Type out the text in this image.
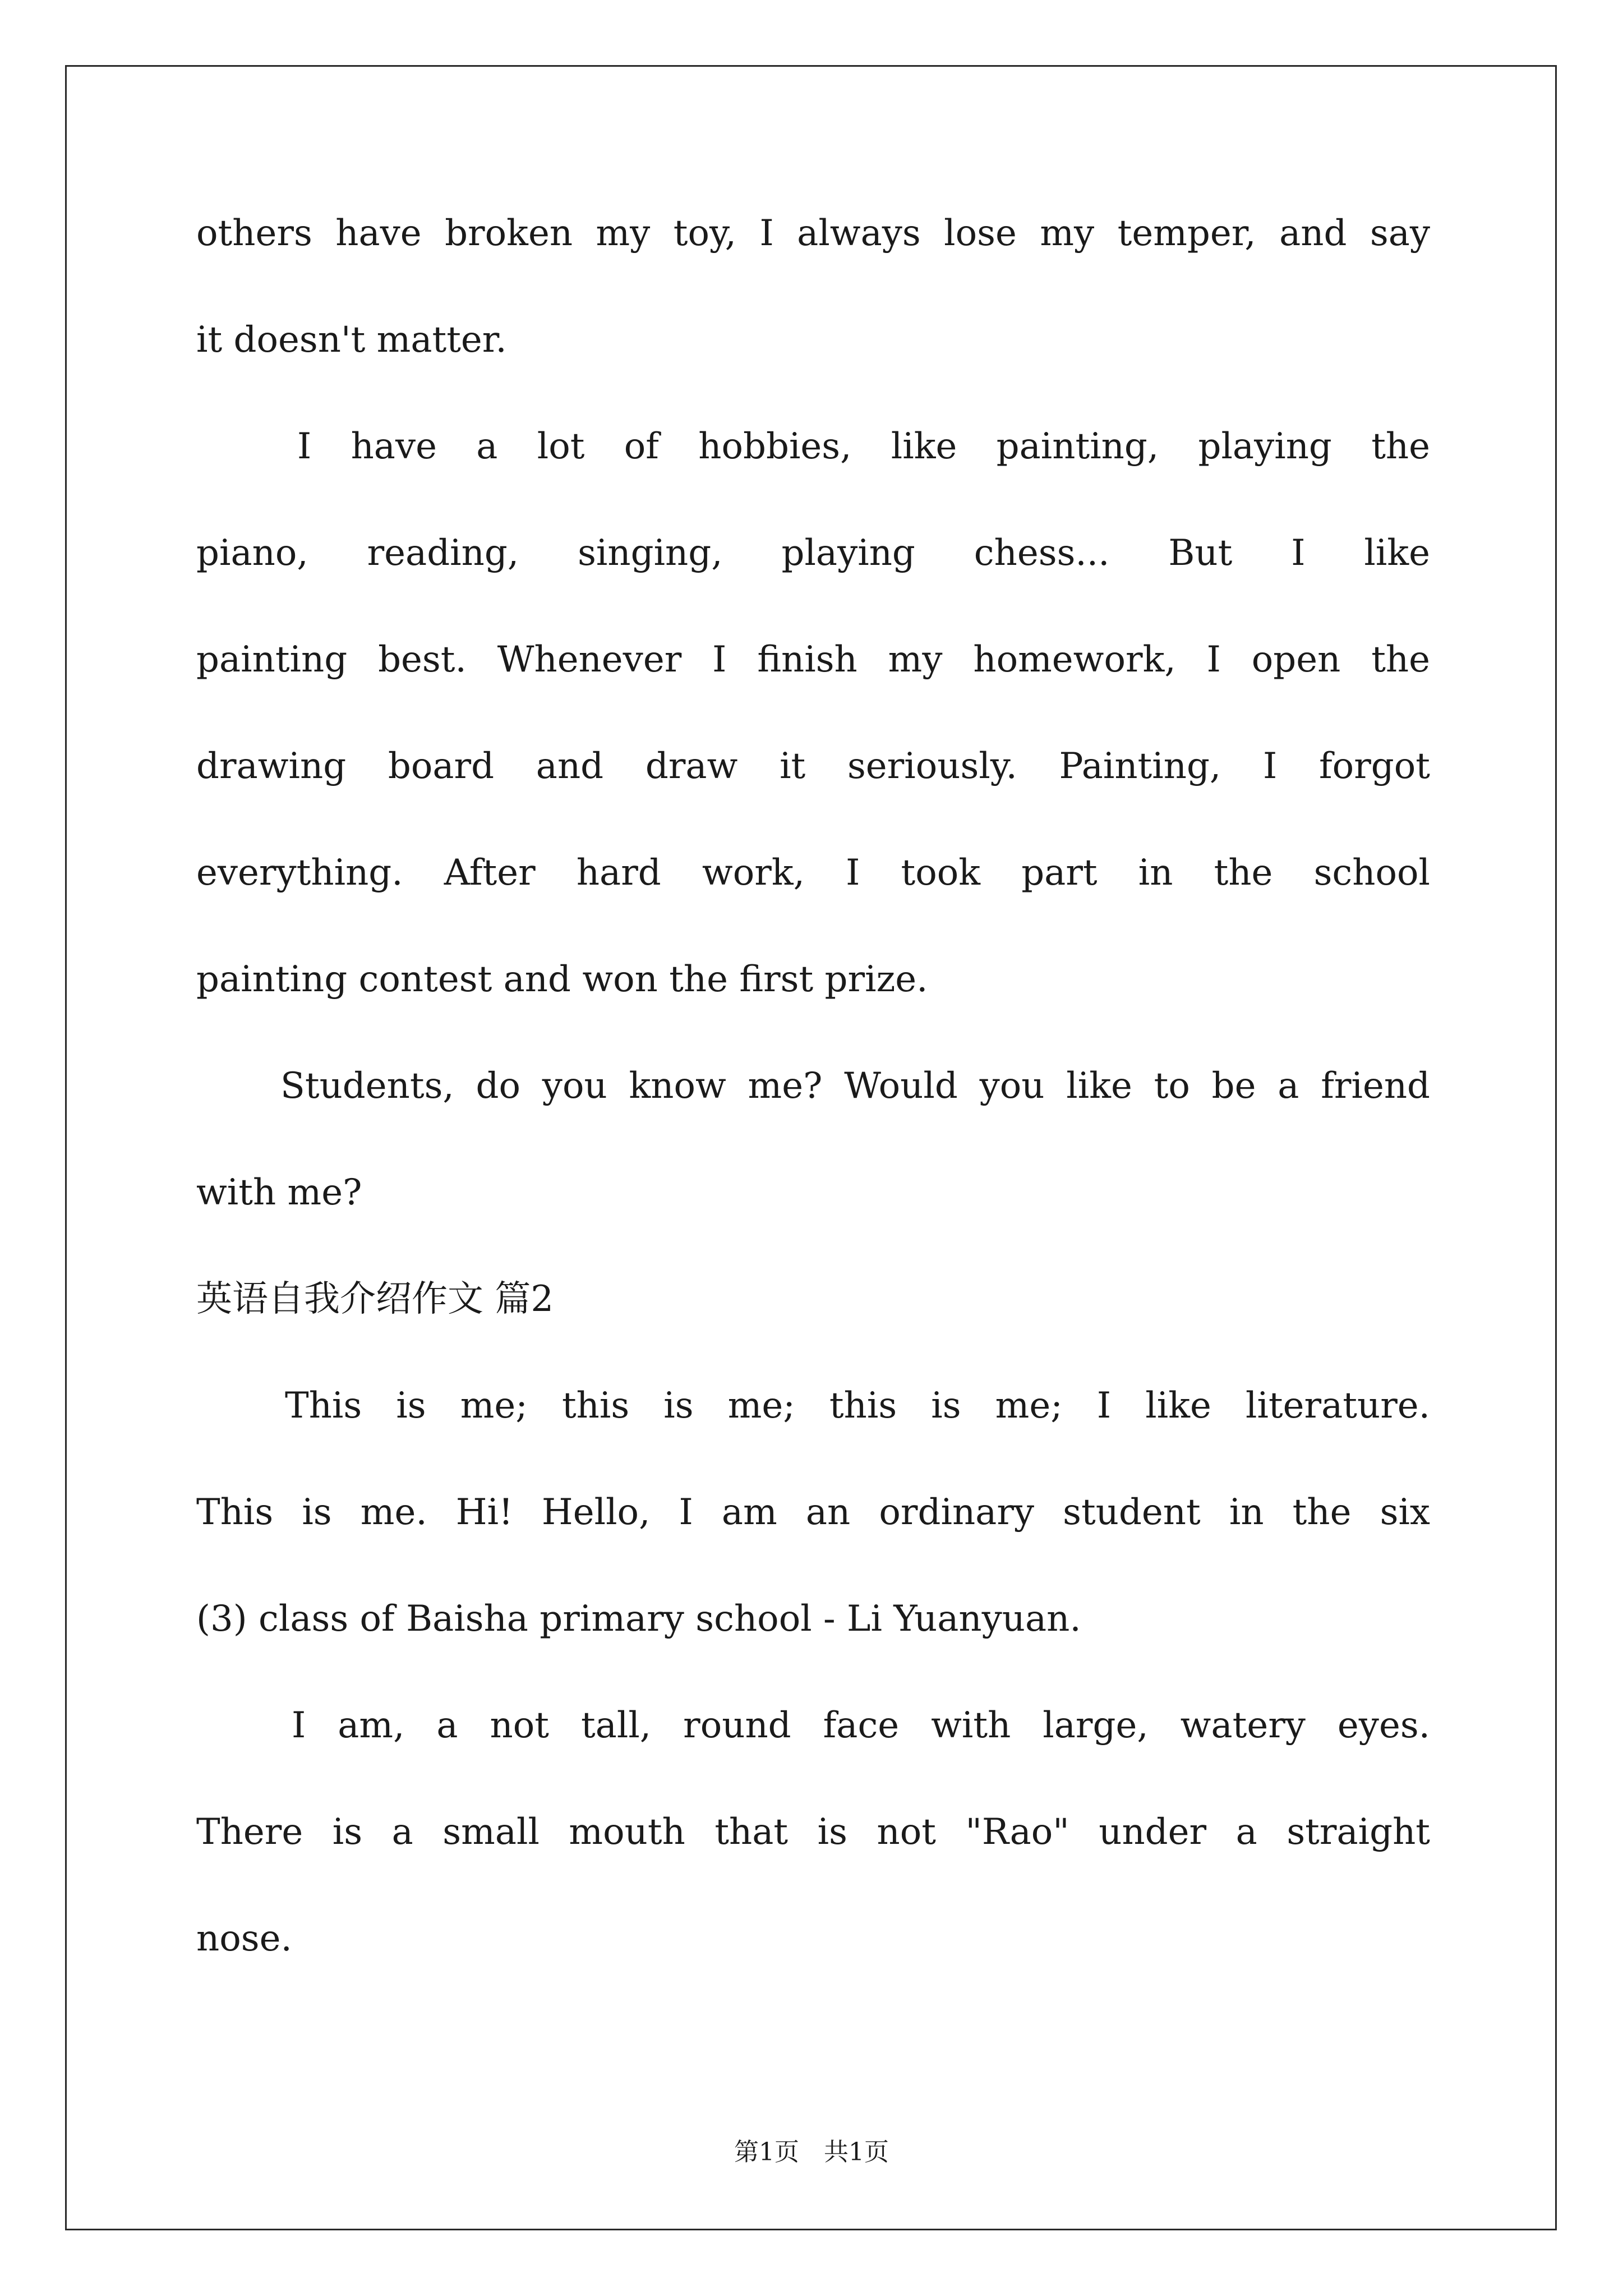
others have broken my toy, I always lose my temper, and say
it doesn't matter.
I have a lot of hobbies, like painting, playing the
piano, reading, singing, playing chess... But I like
painting best. Whenever I finish my homework, I open the
drawing board and draw it seriously. Painting, I forgot
everything. After hard work, I took part in the school
painting contest and won the first prize.
Students, do you know me? Would you like to be a friend
with me?
英语自我介绍作文 篇2
This is me; this is me; this is me; I like literature.
This is me. Hi! Hello, I am an ordinary student in the six
(3) class of Baisha primary school - Li Yuanyuan.
I am, a not tall, round face with large, watery eyes.
There is a small mouth that is not "Rao" under a straight
nose.
第1页　共1页
